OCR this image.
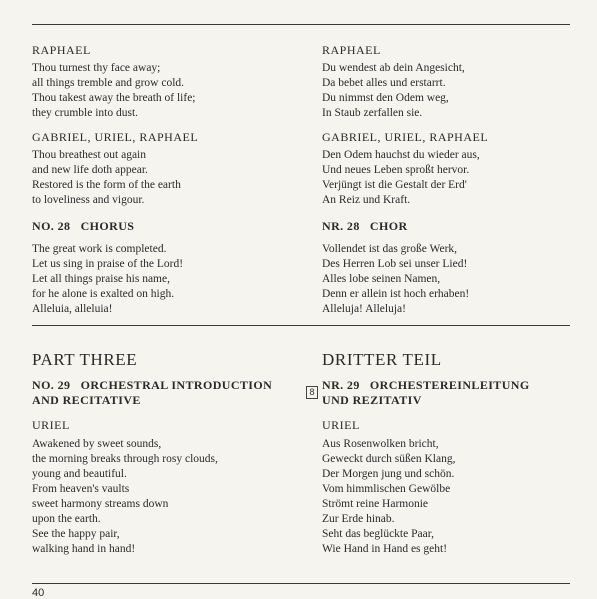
RAPHAEL

Thou turnest thy face away;
all things tremble and grow cold.
Thou takest away the breath of life;
they crumble into dust.

GABRIEL, URIEL, RAPHAEL

Thou breathest out again
and new life doth appear.
Restored is the form of the earth
to loveliness and vigour.

NO. 28   CHORUS

The great work is completed.
Let us sing in praise of the Lord!
Let all things praise his name,
for he alone is exalted on high.
Alleluia, alleluia!

RAPHAEL

Du wendest ab dein Angesicht,
Da bebet alles und erstarrt.
Du nimmst den Odem weg,
In Staub zerfallen sie.

GABRIEL, URIEL, RAPHAEL

Den Odem hauchst du wieder aus,
Und neues Leben sproßt hervor.
Verjüngt ist die Gestalt der Erd'
An Reiz und Kraft.

NR. 28   CHOR

Vollendet ist das große Werk,
Des Herren Lob sei unser Lied!
Alles lobe seinen Namen,
Denn er allein ist hoch erhaben!
Alleluja! Alleluja!

PART THREE

NO. 29   ORCHESTRAL INTRODUCTION

AND RECITATIVE

URIEL

Awakened by sweet sounds,
the morning breaks through rosy clouds,
young and beautiful.
From heaven's vaults
sweet harmony streams down
upon the earth.
See the happy pair,
walking hand in hand!
8

DRITTER TEIL

NR. 29   ORCHESTEREINLEITUNG

UND REZITATIV

URIEL

Aus Rosenwolken bricht,
Geweckt durch süßen Klang,
Der Morgen jung und schön.
Vom himmlischen Gewölbe
Strömt reine Harmonie
Zur Erde hinab.
Seht das beglückte Paar,
Wie Hand in Hand es geht!
40
